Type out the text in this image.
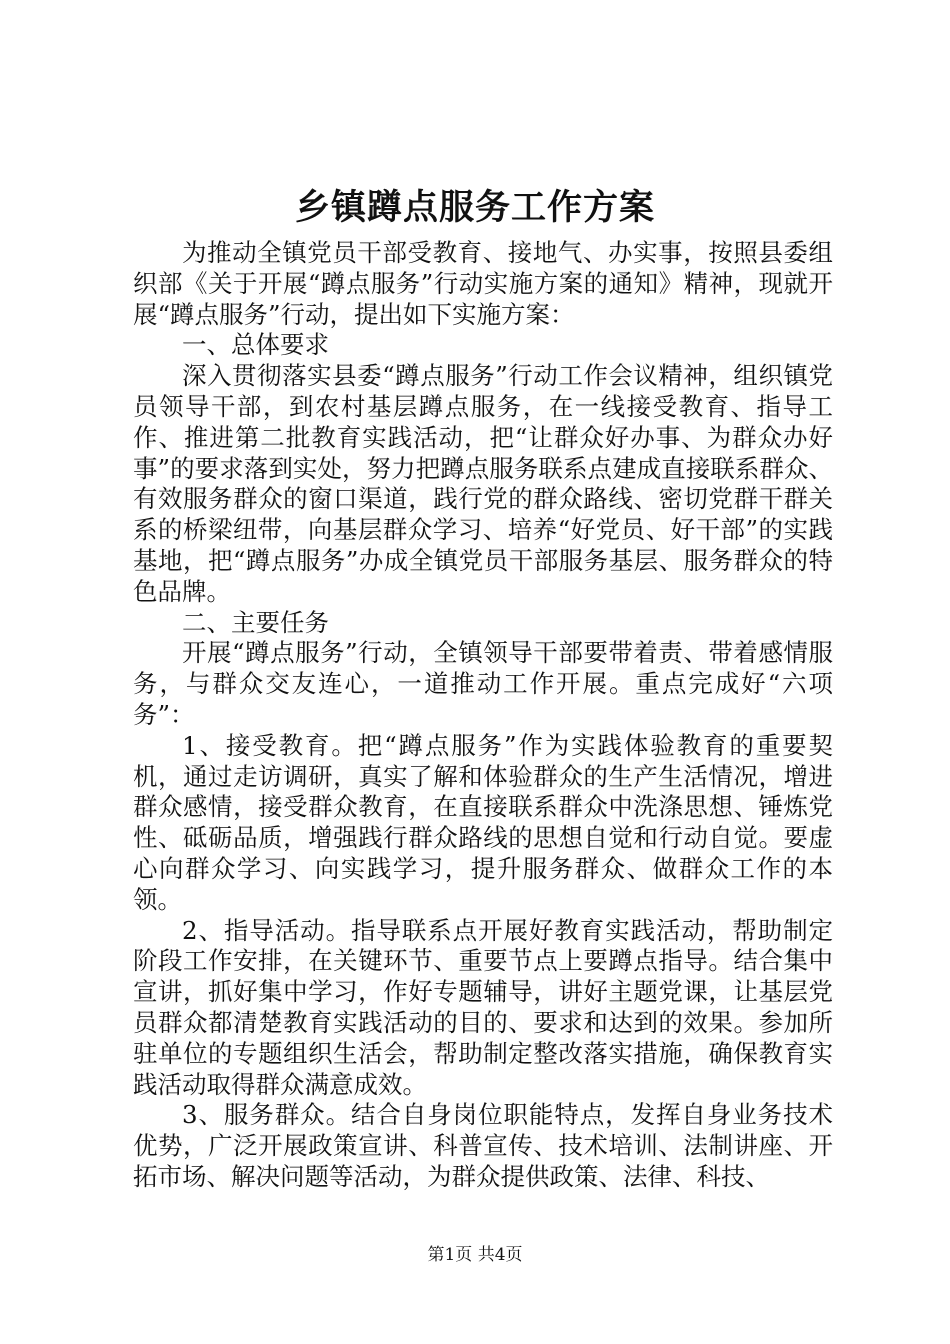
乡镇蹲点服务工作方案

为推动全镇党员干部受教育、接地气、办实事，按照县委组织部《关于开展“蹲点服务”行动实施方案的通知》精神，现就开展“蹲点服务”行动，提出如下实施方案：

一、总体要求

深入贯彻落实县委“蹲点服务”行动工作会议精神，组织镇党员领导干部，到农村基层蹲点服务，在一线接受教育、指导工作、推进第二批教育实践活动，把“让群众好办事、为群众办好事”的要求落到实处，努力把蹲点服务联系点建成直接联系群众、有效服务群众的窗口渠道，践行党的群众路线、密切党群干群关系的桥梁纽带，向基层群众学习、培养“好党员、好干部”的实践基地，把“蹲点服务”办成全镇党员干部服务基层、服务群众的特色品牌。

二、主要任务

开展“蹲点服务”行动，全镇领导干部要带着责、带着感情服务，与群众交友连心，一道推动工作开展。重点完成好“六项务”：

1、接受教育。把“蹲点服务”作为实践体验教育的重要契机，通过走访调研，真实了解和体验群众的生产生活情况，增进群众感情，接受群众教育，在直接联系群众中洗涤思想、锤炼党性、砥砺品质，增强践行群众路线的思想自觉和行动自觉。要虚心向群众学习、向实践学习，提升服务群众、做群众工作的本领。

2、指导活动。指导联系点开展好教育实践活动，帮助制定阶段工作安排，在关键环节、重要节点上要蹲点指导。结合集中宣讲，抓好集中学习，作好专题辅导，讲好主题党课，让基层党员群众都清楚教育实践活动的目的、要求和达到的效果。参加所驻单位的专题组织生活会，帮助制定整改落实措施，确保教育实践活动取得群众满意成效。

3、服务群众。结合自身岗位职能特点，发挥自身业务技术优势，广泛开展政策宣讲、科普宣传、技术培训、法制讲座、开拓市场、解决问题等活动，为群众提供政策、法律、科技、

第1页 共4页
